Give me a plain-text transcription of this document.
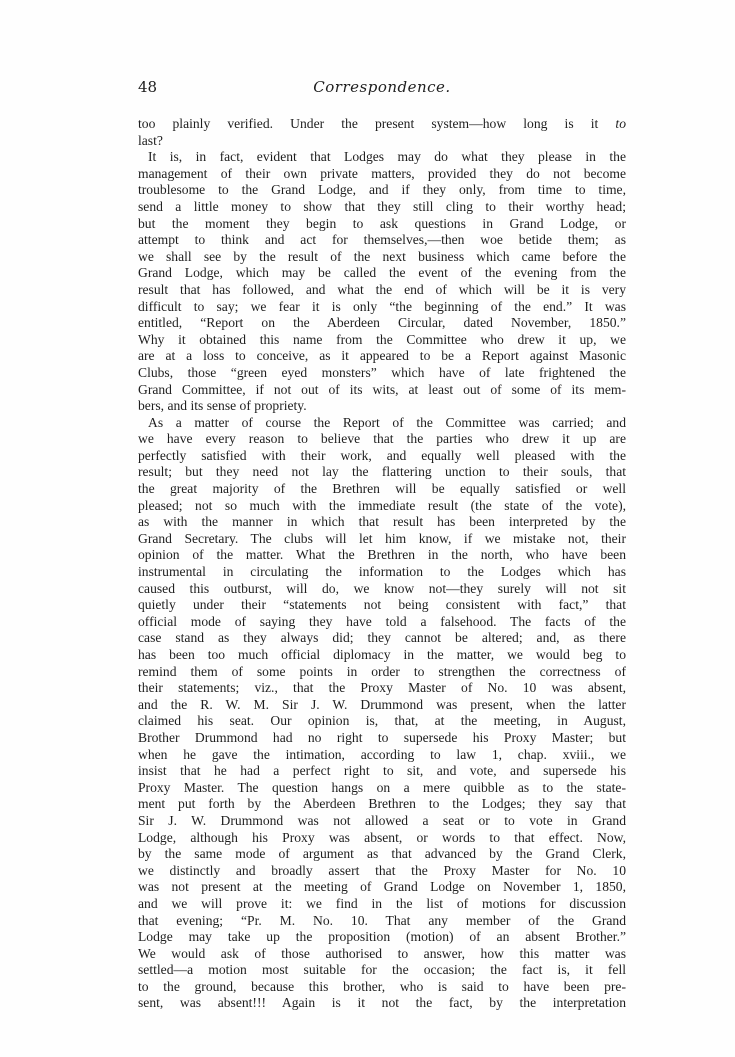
48	Correspondence.
too plainly verified. Under the present system—how long is it to
last?
It is, in fact, evident that Lodges may do what they please in the
management of their own private matters, provided they do not become
troublesome to the Grand Lodge, and if they only, from time to time,
send a little money to show that they still cling to their worthy head;
but the moment they begin to ask questions in Grand Lodge, or
attempt to think and act for themselves,—then woe betide them; as
we shall see by the result of the next business which came before the
Grand Lodge, which may be called the event of the evening from the
result that has followed, and what the end of which will be it is very
difficult to say; we fear it is only “the beginning of the end.” It was
entitled, “Report on the Aberdeen Circular, dated November, 1850.”
Why it obtained this name from the Committee who drew it up, we
are at a loss to conceive, as it appeared to be a Report against Masonic
Clubs, those “green eyed monsters” which have of late frightened the
Grand Committee, if not out of its wits, at least out of some of its mem-
bers, and its sense of propriety.
As a matter of course the Report of the Committee was carried; and
we have every reason to believe that the parties who drew it up are
perfectly satisfied with their work, and equally well pleased with the
result; but they need not lay the flattering unction to their souls, that
the great majority of the Brethren will be equally satisfied or well
pleased; not so much with the immediate result (the state of the vote),
as with the manner in which that result has been interpreted by the
Grand Secretary. The clubs will let him know, if we mistake not, their
opinion of the matter. What the Brethren in the north, who have been
instrumental in circulating the information to the Lodges which has
caused this outburst, will do, we know not—they surely will not sit
quietly under their “statements not being consistent with fact,” that
official mode of saying they have told a falsehood. The facts of the
case stand as they always did; they cannot be altered; and, as there
has been too much official diplomacy in the matter, we would beg to
remind them of some points in order to strengthen the correctness of
their statements; viz., that the Proxy Master of No. 10 was absent,
and the R. W. M. Sir J. W. Drummond was present, when the latter
claimed his seat. Our opinion is, that, at the meeting, in August,
Brother Drummond had no right to supersede his Proxy Master; but
when he gave the intimation, according to law 1, chap. xviii., we
insist that he had a perfect right to sit, and vote, and supersede his
Proxy Master. The question hangs on a mere quibble as to the state-
ment put forth by the Aberdeen Brethren to the Lodges; they say that
Sir J. W. Drummond was not allowed a seat or to vote in Grand
Lodge, although his Proxy was absent, or words to that effect. Now,
by the same mode of argument as that advanced by the Grand Clerk,
we distinctly and broadly assert that the Proxy Master for No. 10
was not present at the meeting of Grand Lodge on November 1, 1850,
and we will prove it: we find in the list of motions for discussion
that evening; “Pr. M. No. 10. That any member of the Grand
Lodge may take up the proposition (motion) of an absent Brother.”
We would ask of those authorised to answer, how this matter was
settled—a motion most suitable for the occasion; the fact is, it fell
to the ground, because this brother, who is said to have been pre-
sent, was absent!!! Again is it not the fact, by the interpretation
